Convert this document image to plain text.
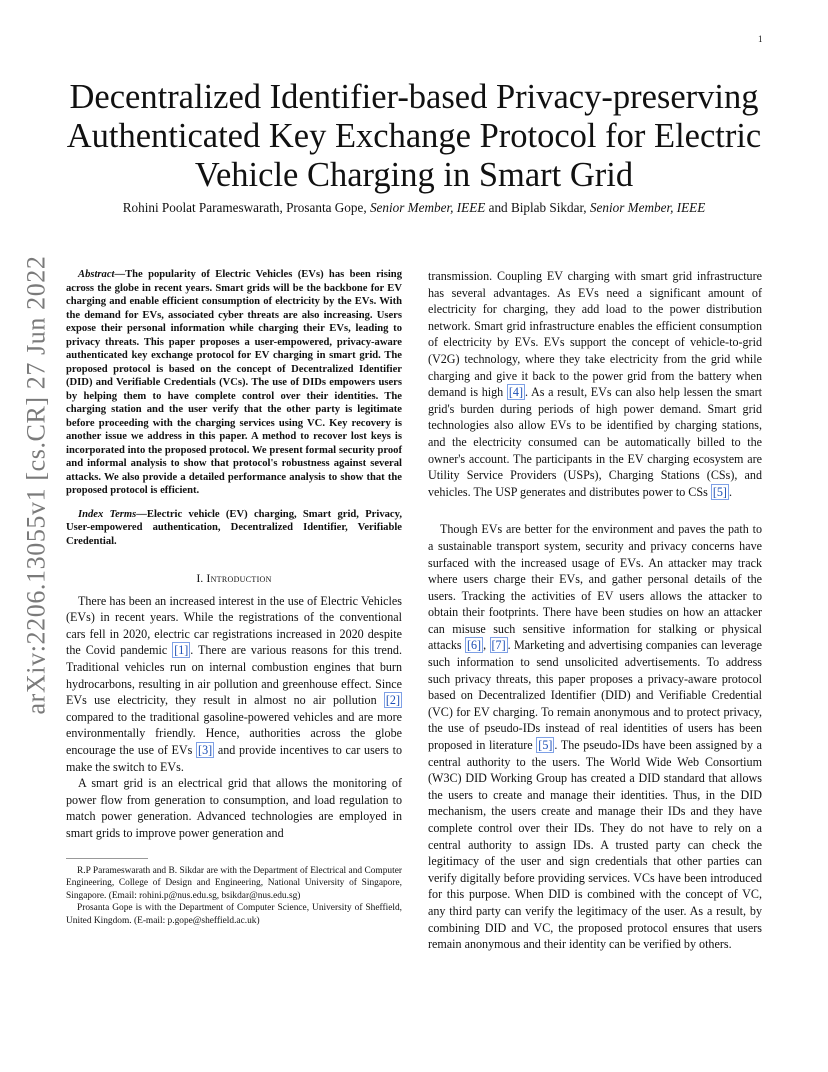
1
Decentralized Identifier-based Privacy-preserving Authenticated Key Exchange Protocol for Electric Vehicle Charging in Smart Grid
Rohini Poolat Parameswarath, Prosanta Gope, Senior Member, IEEE and Biplab Sikdar, Senior Member, IEEE
arXiv:2206.13055v1 [cs.CR] 27 Jun 2022	Abstract—The popularity of Electric Vehicles (EVs) has been rising across the globe in recent years. Smart grids will be the backbone for EV charging and enable efficient consumption of electricity by the EVs. With the demand for EVs, associated cyber threats are also increasing. Users expose their personal information while charging their EVs, leading to privacy threats. This paper proposes a user-empowered, privacy-aware authenticated key exchange protocol for EV charging in smart grid. The proposed protocol is based on the concept of Decentralized Identifier (DID) and Verifiable Credentials (VCs). The use of DIDs empowers users by helping them to have complete control over their identities. The charging station and the user verify that the other party is legitimate before proceeding with the charging services using VC. Key recovery is another issue we address in this paper. A method to recover lost keys is incorporated into the proposed protocol. We present formal security proof and informal analysis to show that protocol's robustness against several attacks. We also provide a detailed performance analysis to show that the proposed protocol is efficient.

Index Terms—Electric vehicle (EV) charging, Smart grid, Privacy, User-empowered authentication, Decentralized Identifier, Verifiable Credential.

I. Introduction

There has been an increased interest in the use of Electric Vehicles (EVs) in recent years. While the registrations of the conventional cars fell in 2020, electric car registrations increased in 2020 despite the Covid pandemic [1] . There are various reasons for this trend. Traditional vehicles run on internal combustion engines that burn hydrocarbons, resulting in air pollution and greenhouse effect. Since EVs use electricity, they result in almost no air pollution [2] compared to the traditional gasoline-powered vehicles and are more environmentally friendly. Hence, authorities across the globe encourage the use of EVs [3] and provide incentives to car users to make the switch to EVs.

A smart grid is an electrical grid that allows the monitoring of power flow from generation to consumption, and load regulation to match power generation. Advanced technologies are employed in smart grids to improve power generation and

R.P Parameswarath and B. Sikdar are with the Department of Electrical and Computer Engineering, College of Design and Engineering, National University of Singapore, Singapore. (Email: rohini.p@nus.edu.sg, bsikdar@nus.edu.sg)

Prosanta Gope is with the Department of Computer Science, University of Sheffield, United Kingdom. (E-mail: p.gope@sheffield.ac.uk)

transmission. Coupling EV charging with smart grid infrastructure has several advantages. As EVs need a significant amount of electricity for charging, they add load to the power distribution network. Smart grid infrastructure enables the efficient consumption of electricity by EVs. EVs support the concept of vehicle-to-grid (V2G) technology, where they take electricity from the grid while charging and give it back to the power grid from the battery when demand is high [4] . As a result, EVs can also help lessen the smart grid's burden during periods of high power demand. Smart grid technologies also allow EVs to be identified by charging stations, and the electricity consumed can be automatically billed to the owner's account. The participants in the EV charging ecosystem are Utility Service Providers (USPs), Charging Stations (CSs), and vehicles. The USP generates and distributes power to CSs [5] .

Though EVs are better for the environment and paves the path to a sustainable transport system, security and privacy concerns have surfaced with the increased usage of EVs. An attacker may track where users charge their EVs, and gather personal details of the users. Tracking the activities of EV users allows the attacker to obtain their footprints. There have been studies on how an attacker can misuse such sensitive information for stalking or physical attacks [6] , [7] . Marketing and advertising companies can leverage such information to send unsolicited advertisements. To address such privacy threats, this paper proposes a privacy-aware protocol based on Decentralized Identifier (DID) and Verifiable Credential (VC) for EV charging. To remain anonymous and to protect privacy, the use of pseudo-IDs instead of real identities of users has been proposed in literature [5] . The pseudo-IDs have been assigned by a central authority to the users. The World Wide Web Consortium (W3C) DID Working Group has created a DID standard that allows the users to create and manage their identities. Thus, in the DID mechanism, the users create and manage their IDs and they have complete control over their IDs. They do not have to rely on a central authority to assign IDs. A trusted party can check the legitimacy of the user and sign credentials that other parties can verify digitally before providing services. VCs have been introduced for this purpose. When DID is combined with the concept of VC, any third party can verify the legitimacy of the user. As a result, by combining DID and VC, the proposed protocol ensures that users remain anonymous and their identity can be verified by others.
